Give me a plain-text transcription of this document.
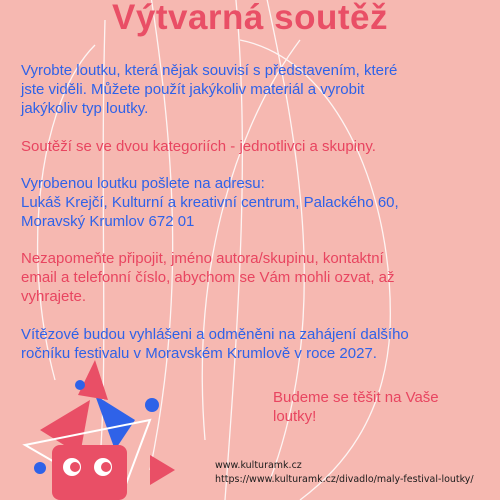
Výtvarná soutěž

Vyrobte loutku, která nějak souvisí s představením, které
jste viděli. Můžete použít jakýkoliv materiál a vyrobit
jakýkoliv typ loutky.

Soutěží se ve dvou kategoriích - jednotlivci a skupiny.

Vyrobenou loutku pošlete na adresu:
Lukáš Krejčí, Kulturní a kreativní centrum, Palackého 60,
Moravský Krumlov 672 01

Nezapomeňte připojit, jméno autora/skupinu, kontaktní
email a telefonní číslo, abychom se Vám mohli ozvat, až
vyhrajete.

Vítězové budou vyhlášeni a odměněni na zahájení dalšího
ročníku festivalu v Moravském Krumlově v roce 2027.

Budeme se těšit na Vaše
loutky!

www.kulturamk.cz
https://www.kulturamk.cz/divadlo/maly-festival-loutky/
